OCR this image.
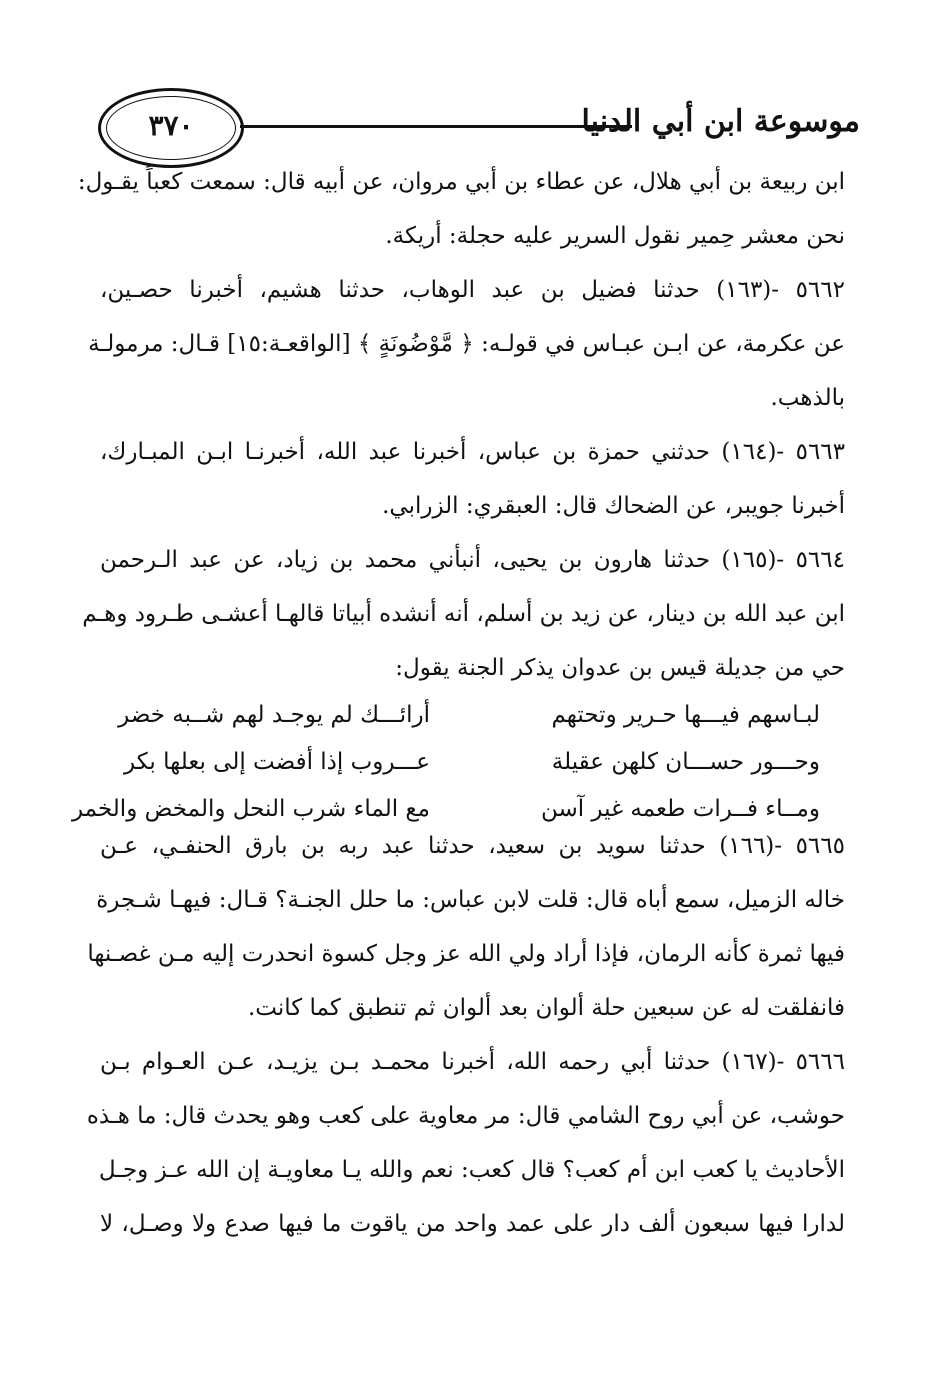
٣٧٠	موسوعة ابن أبي الدنيا
ابن ربيعة بن أبي هلال، عن عطاء بن أبي مروان، عن أبيه قال: سمعت كعباً يقـول:
نحن معشر حِمير نقول السرير عليه حجلة: أريكة.
٥٦٦٢ -(١٦٣) حدثنا فضيل بن عبد الوهاب، حدثنا هشيم، أخبرنا حصـين،
عن عكرمة، عن ابـن عبـاس في قولـه: ﴿ مَّوْضُونَةٍ ﴾ [الواقعـة:١٥] قـال: مرمولـة
بالذهب.
٥٦٦٣ -(١٦٤) حدثني حمزة بن عباس، أخبرنا عبد الله، أخبرنـا ابـن المبـارك،
أخبرنا جويبر، عن الضحاك قال: العبقري: الزرابي.
٥٦٦٤ -(١٦٥) حدثنا هارون بن يحيى، أنبأني محمد بن زياد، عن عبد الـرحمن
ابن عبد الله بن دينار، عن زيد بن أسلم، أنه أنشده أبياتا قالهـا أعشـى طـرود وهـم
حي من جديلة قيس بن عدوان يذكر الجنة يقول:
لبـاسهم فيـــها حـرير وتحتهم
أرائـــك لم يوجـد لهم شــبه خضر
وحـــور حســـان كلهن عقيلة
عـــروب إذا أفضت إلى بعلها بكر
ومــاء فــرات طعمه غير آسن
مع الماء شرب النحل والمخض والخمر
٥٦٦٥ -(١٦٦) حدثنا سويد بن سعيد، حدثنا عبد ربه بن بارق الحنفـي، عـن
خاله الزميل، سمع أباه قال: قلت لابن عباس: ما حلل الجنـة؟ قـال: فيهـا شـجرة
فيها ثمرة كأنه الرمان، فإذا أراد ولي الله عز وجل كسوة انحدرت إليه مـن غصـنها
فانفلقت له عن سبعين حلة ألوان بعد ألوان ثم تنطبق كما كانت.
٥٦٦٦ -(١٦٧) حدثنا أبي رحمه الله، أخبرنا محمـد بـن يزيـد، عـن العـوام بـن
حوشب، عن أبي روح الشامي قال: مر معاوية على كعب وهو يحدث قال: ما هـذه
الأحاديث يا كعب ابن أم كعب؟ قال كعب: نعم والله يـا معاويـة إن الله عـز وجـل
لدارا فيها سبعون ألف دار على عمد واحد من ياقوت ما فيها صدع ولا وصـل، لا
